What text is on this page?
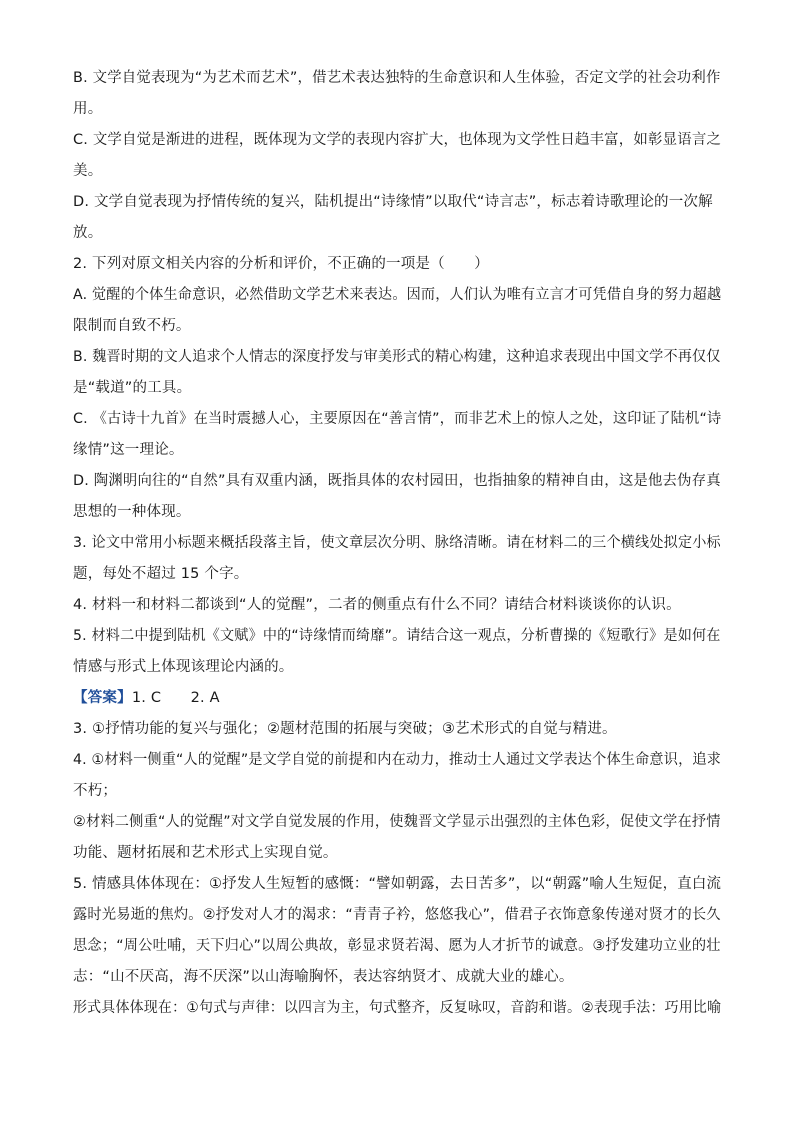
B. 文学自觉表现为“为艺术而艺术”，借艺术表达独特的生命意识和人生体验，否定文学的社会功利作

用。

C. 文学自觉是渐进的进程，既体现为文学的表现内容扩大，也体现为文学性日趋丰富，如彰显语言之

美。

D. 文学自觉表现为抒情传统的复兴，陆机提出“诗缘情”以取代“诗言志”，标志着诗歌理论的一次解

放。

2. 下列对原文相关内容的分析和评价，不正确的一项是（　　）

A. 觉醒的个体生命意识，必然借助文学艺术来表达。因而，人们认为唯有立言才可凭借自身的努力超越

限制而自致不朽。

B. 魏晋时期的文人追求个人情志的深度抒发与审美形式的精心构建，这种追求表现出中国文学不再仅仅

是“载道”的工具。

C. 《古诗十九首》在当时震撼人心，主要原因在“善言情”，而非艺术上的惊人之处，这印证了陆机“诗

缘情”这一理论。

D. 陶渊明向往的“自然”具有双重内涵，既指具体的农村园田，也指抽象的精神自由，这是他去伪存真

思想的一种体现。

3. 论文中常用小标题来概括段落主旨，使文章层次分明、脉络清晰。请在材料二的三个横线处拟定小标

题，每处不超过 15 个字。

4. 材料一和材料二都谈到“人的觉醒”，二者的侧重点有什么不同？请结合材料谈谈你的认识。

5. 材料二中提到陆机《文赋》中的“诗缘情而绮靡”。请结合这一观点，分析曹操的《短歌行》是如何在

情感与形式上体现该理论内涵的。

【答案】1. C　　2. A

3. ①抒情功能的复兴与强化；②题材范围的拓展与突破；③艺术形式的自觉与精进。

4. ①材料一侧重“人的觉醒”是文学自觉的前提和内在动力，推动士人通过文学表达个体生命意识，追求

不朽；

②材料二侧重“人的觉醒”对文学自觉发展的作用，使魏晋文学显示出强烈的主体色彩，促使文学在抒情

功能、题材拓展和艺术形式上实现自觉。

5. 情感具体体现在：①抒发人生短暂的感慨：“譬如朝露，去日苦多”，以“朝露”喻人生短促，直白流

露时光易逝的焦灼。②抒发对人才的渴求：“青青子衿，悠悠我心”，借君子衣饰意象传递对贤才的长久

思念；“周公吐哺，天下归心”以周公典故，彰显求贤若渴、愿为人才折节的诚意。③抒发建功立业的壮

志：“山不厌高，海不厌深”以山海喻胸怀，表达容纳贤才、成就大业的雄心。

形式具体体现在：①句式与声律：以四言为主，句式整齐，反复咏叹，音韵和谐。②表现手法：巧用比喻
